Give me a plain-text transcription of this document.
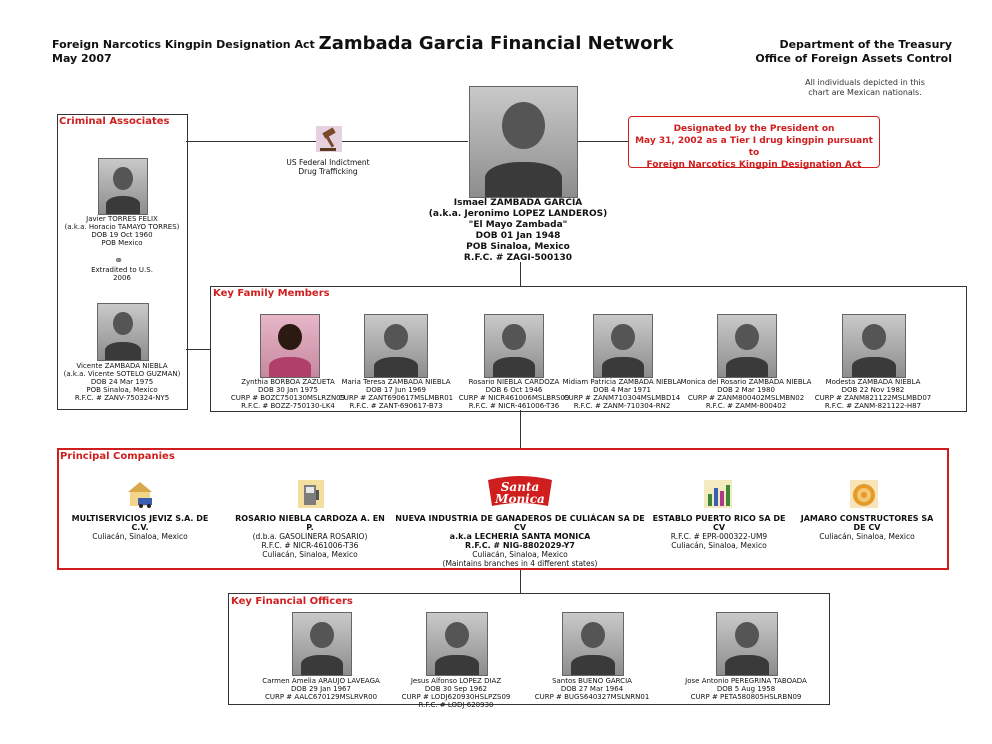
Foreign Narcotics Kingpin Designation Act
May 2007
Zambada Garcia Financial Network	Department of the Treasury
Office of Foreign Assets Control
All individuals depicted in this
chart are Mexican nationals.
Criminal Associates
Javier TORRES FELIX
(a.k.a. Horacio TAMAYO TORRES)
DOB 19 Oct 1960
POB Mexico
⚭
Extradited to U.S.
2006
Vicente ZAMBADA NIEBLA
(a.k.a. Vicente SOTELO GUZMAN)
DOB 24 Mar 1975
POB Sinaloa, Mexico
R.F.C. # ZANV-750324-NY5
US Federal Indictment
Drug Trafficking
Ismael ZAMBADA GARCIA
(a.k.a. Jeronimo LOPEZ LANDEROS)
"El Mayo Zambada"
DOB 01 Jan 1948
POB Sinaloa, Mexico
R.F.C. # ZAGI-500130
Designated by the President on
May 31, 2002 as a Tier I drug kingpin pursuant to
Foreign Narcotics Kingpin Designation Act
Key Family Members
Zynthia BORBOA ZAZUETA
DOB 30 Jan 1975
CURP # BOZC750130MSLRZN09
R.F.C. # BOZZ-750130-LK4
Maria Teresa ZAMBADA NIEBLA
DOB 17 Jun 1969
CURP # ZANT690617MSLMBR01
R.F.C. # ZANT-690617-B73
Rosario NIEBLA CARDOZA
DOB 6 Oct 1946
CURP # NICR461006MSLBRS09
R.F.C. # NICR-461006-T36
Midiam Patricia ZAMBADA NIEBLA
DOB 4 Mar 1971
CURP # ZANM710304MSLMBD14
R.F.C. # ZANM-710304-RN2
Monica del Rosario ZAMBADA NIEBLA
DOB 2 Mar 1980
CURP # ZANM800402MSLMBN02
R.F.C. # ZAMM-800402
Modesta ZAMBADA NIEBLA
DOB 22 Nov 1982
CURP # ZANM821122MSLMBD07
R.F.C. # ZANM-821122-H87
Principal Companies
MULTISERVICIOS JEVIZ S.A. DE C.V.
Culiacán, Sinaloa, Mexico
ROSARIO NIEBLA CARDOZA A. EN P.
(d.b.a. GASOLINERA ROSARIO)
R.F.C. # NICR-461006-T36
Culiacán, Sinaloa, Mexico
Santa
Monica
NUEVA INDUSTRIA DE GANADEROS DE CULIÁCAN SA DE CV
a.k.a LECHERIA SANTA MONICA
R.F.C. # NIG-8802029-Y7
Culiacán, Sinaloa, Mexico
(Maintains branches in 4 different states)
ESTABLO PUERTO RICO SA DE CV
R.F.C. # EPR-000322-UM9
Culiacán, Sinaloa, Mexico
JAMARO CONSTRUCTORES SA DE CV
Culiacán, Sinaloa, Mexico
Key Financial Officers
Carmen Amelia ARAUJO LAVEAGA
DOB 29 Jan 1967
CURP # AALC670129MSLRVR00
Jesus Alfonso LOPEZ DIAZ
DOB 30 Sep 1962
CURP # LODJ620930HSLPZS09
R.F.C. # LODJ-620930
Santos BUENO GARCIA
DOB 27 Mar 1964
CURP # BUGS640327MSLNRN01
Jose Antonio PEREGRINA TABOADA
DOB 5 Aug 1958
CURP # PETA580805HSLRBN09
